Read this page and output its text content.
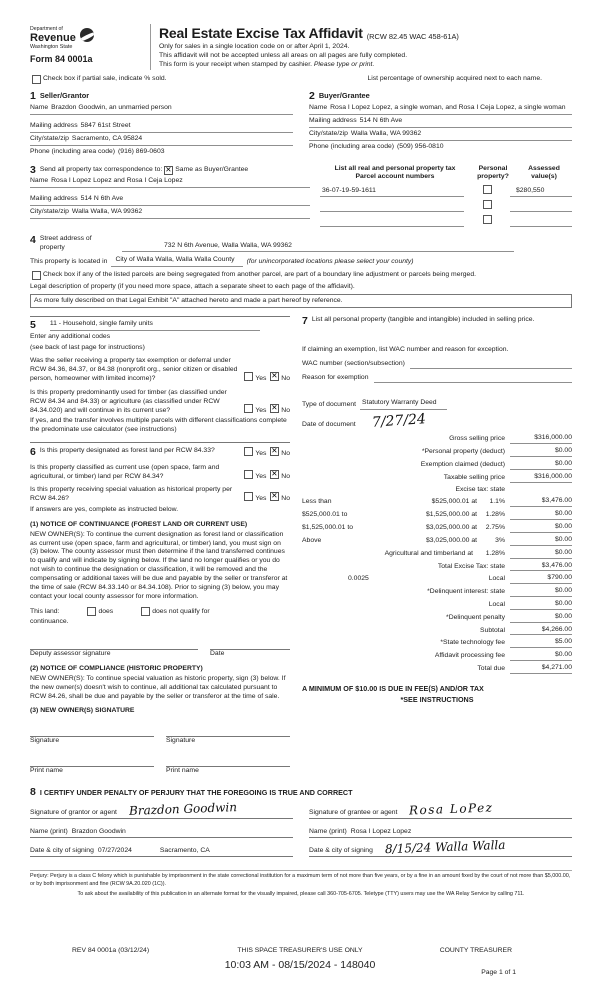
Department of
Revenue
Washington State
Form 84 0001a
Real Estate Excise Tax Affidavit (RCW 82.45 WAC 458-61A)
Only for sales in a single location code on or after April 1, 2024.
This affidavit will not be accepted unless all areas on all pages are fully completed.
This form is your receipt when stamped by cashier. Please type or print.
Check box if partial sale, indicate % sold.	List percentage of ownership acquired next to each name.
1 Seller/Grantor
Name Brazdon Goodwin, an unmarried person
Mailing address 5847 61st Street
City/state/zip Sacramento, CA 95824
Phone (including area code) (916) 869-0603
2 Buyer/Grantee
Name Rosa I Lopez Lopez, a single woman, and Rosa I Ceja Lopez, a single woman
Mailing address 514 N 6th Ave
City/state/zip Walla Walla, WA 99362
Phone (including area code) (509) 956-0810
3 Send all property tax correspondence to: ✕ Same as Buyer/Grantee
Name Rosa I Lopez Lopez and Rosa I Ceja Lopez
Mailing address 514 N 6th Ave
City/state/zip Walla Walla, WA 99362
List all real and personal property tax
Parcel account numbers
Personal
property?
Assessed
value(s)
36-07-19-59-1611	$280,550
4 Street address of
property	732 N 6th Avenue, Walla Walla, WA 99362
This property is located in	City of Walla Walla, Walla Walla County	(for unincorporated locations please select your county)
Check box if any of the listed parcels are being segregated from another parcel, are part of a boundary line adjustment or parcels being merged.
Legal description of property (if you need more space, attach a separate sheet to each page of the affidavit).
As more fully described on that Legal Exhibit "A" attached hereto and made a part hereof by reference.
5 11 - Household, single family units
Enter any additional codes
(see back of last page for instructions)
Was the seller receiving a property tax exemption or deferral under RCW 84.36, 84.37, or 84.38 (nonprofit org., senior citizen or disabled person, homeowner with limited income)?	Yes ✕ No
Is this property predominantly used for timber (as classified under RCW 84.34 and 84.33) or agriculture (as classified under RCW 84.34.020) and will continue in its current use?	Yes ✕ No
If yes, and the transfer involves multiple parcels with different classifications complete the predominate use calculator (see instructions)
6 Is this property designated as forest land per RCW 84.33?	Yes ✕ No
Is this property classified as current use (open space, farm and agricultural, or timber) land per RCW 84.34?	Yes ✕ No
Is this property receiving special valuation as historical property per RCW 84.26?	Yes ✕ No
If answers are yes, complete as instructed below.
(1) NOTICE OF CONTINUANCE (FOREST LAND OR CURRENT USE)
NEW OWNER(S): To continue the current designation as forest land or classification as current use (open space, farm and agricultural, or timber) land, you must sign on (3) below. The county assessor must then determine if the land transferred continues to qualify and will indicate by signing below. If the land no longer qualifies or you do not wish to continue the designation or classification, it will be removed and the compensating or additional taxes will be due and payable by the seller or transferor at the time of sale (RCW 84.33.140 or 84.34.108). Prior to signing (3) below, you may contact your local county assessor for more information.
This land:	does	does not qualify for
continuance.
Deputy assessor signature	Date
(2) NOTICE OF COMPLIANCE (HISTORIC PROPERTY)
NEW OWNER(S): To continue special valuation as historic property, sign (3) below. If the new owner(s) doesn't wish to continue, all additional tax calculated pursuant to RCW 84.26, shall be due and payable by the seller or transferor at the time of sale.
(3) NEW OWNER(S) SIGNATURE
Signature	Signature
Print name	Print name
7 List all personal property (tangible and intangible) included in selling price.
If claiming an exemption, list WAC number and reason for exception.
WAC number (section/subsection)
Reason for exemption
Type of document Statutory Warranty Deed
Date of document 7/27/24
Gross selling price	$316,000.00
*Personal property (deduct)	$0.00
Exemption claimed (deduct)	$0.00
Taxable selling price	$316,000.00
Excise tax: state
Less than	$525,000.01 at	1.1%	$3,476.00
$525,000.01 to	$1,525,000.00 at	1.28%	$0.00
$1,525,000.01 to	$3,025,000.00 at	2.75%	$0.00
Above	$3,025,000.00 at	3%	$0.00
Agricultural and timberland at	1.28%	$0.00
Total Excise Tax: state	$3,476.00
0.0025	Local	$790.00
*Delinquent interest: state	$0.00
Local	$0.00
*Delinquent penalty	$0.00
Subtotal	$4,266.00
*State technology fee	$5.00
Affidavit processing fee	$0.00
Total due	$4,271.00
A MINIMUM OF $10.00 IS DUE IN FEE(S) AND/OR TAX
*SEE INSTRUCTIONS
8 I CERTIFY UNDER PENALTY OF PERJURY THAT THE FOREGOING IS TRUE AND CORRECT
Signature of grantor or agent Brazdon Goodwin
Name (print) Brazdon Goodwin
Date & city of signing 07/27/2024	Sacramento, CA
Signature of grantee or agent Rosa LoPez
Name (print) Rosa I Lopez Lopez
Date & city of signing 8/15/24 Walla Walla
Perjury: Perjury is a class C felony which is punishable by imprisonment in the state correctional institution for a maximum term of not more than five years, or by a fine in an amount fixed by the court of not more than $5,000.00, or by both imprisonment and fine (RCW 9A.20.020 (1C)).
To ask about the availability of this publication in an alternate format for the visually impaired, please call 360-705-6705. Teletype (TTY) users may use the WA Relay Service by calling 711.
REV 84 0001a (03/12/24)	THIS SPACE TREASURER'S USE ONLY	COUNTY TREASURER
10:03 AM - 08/15/2024 - 148040
Page 1 of 1
